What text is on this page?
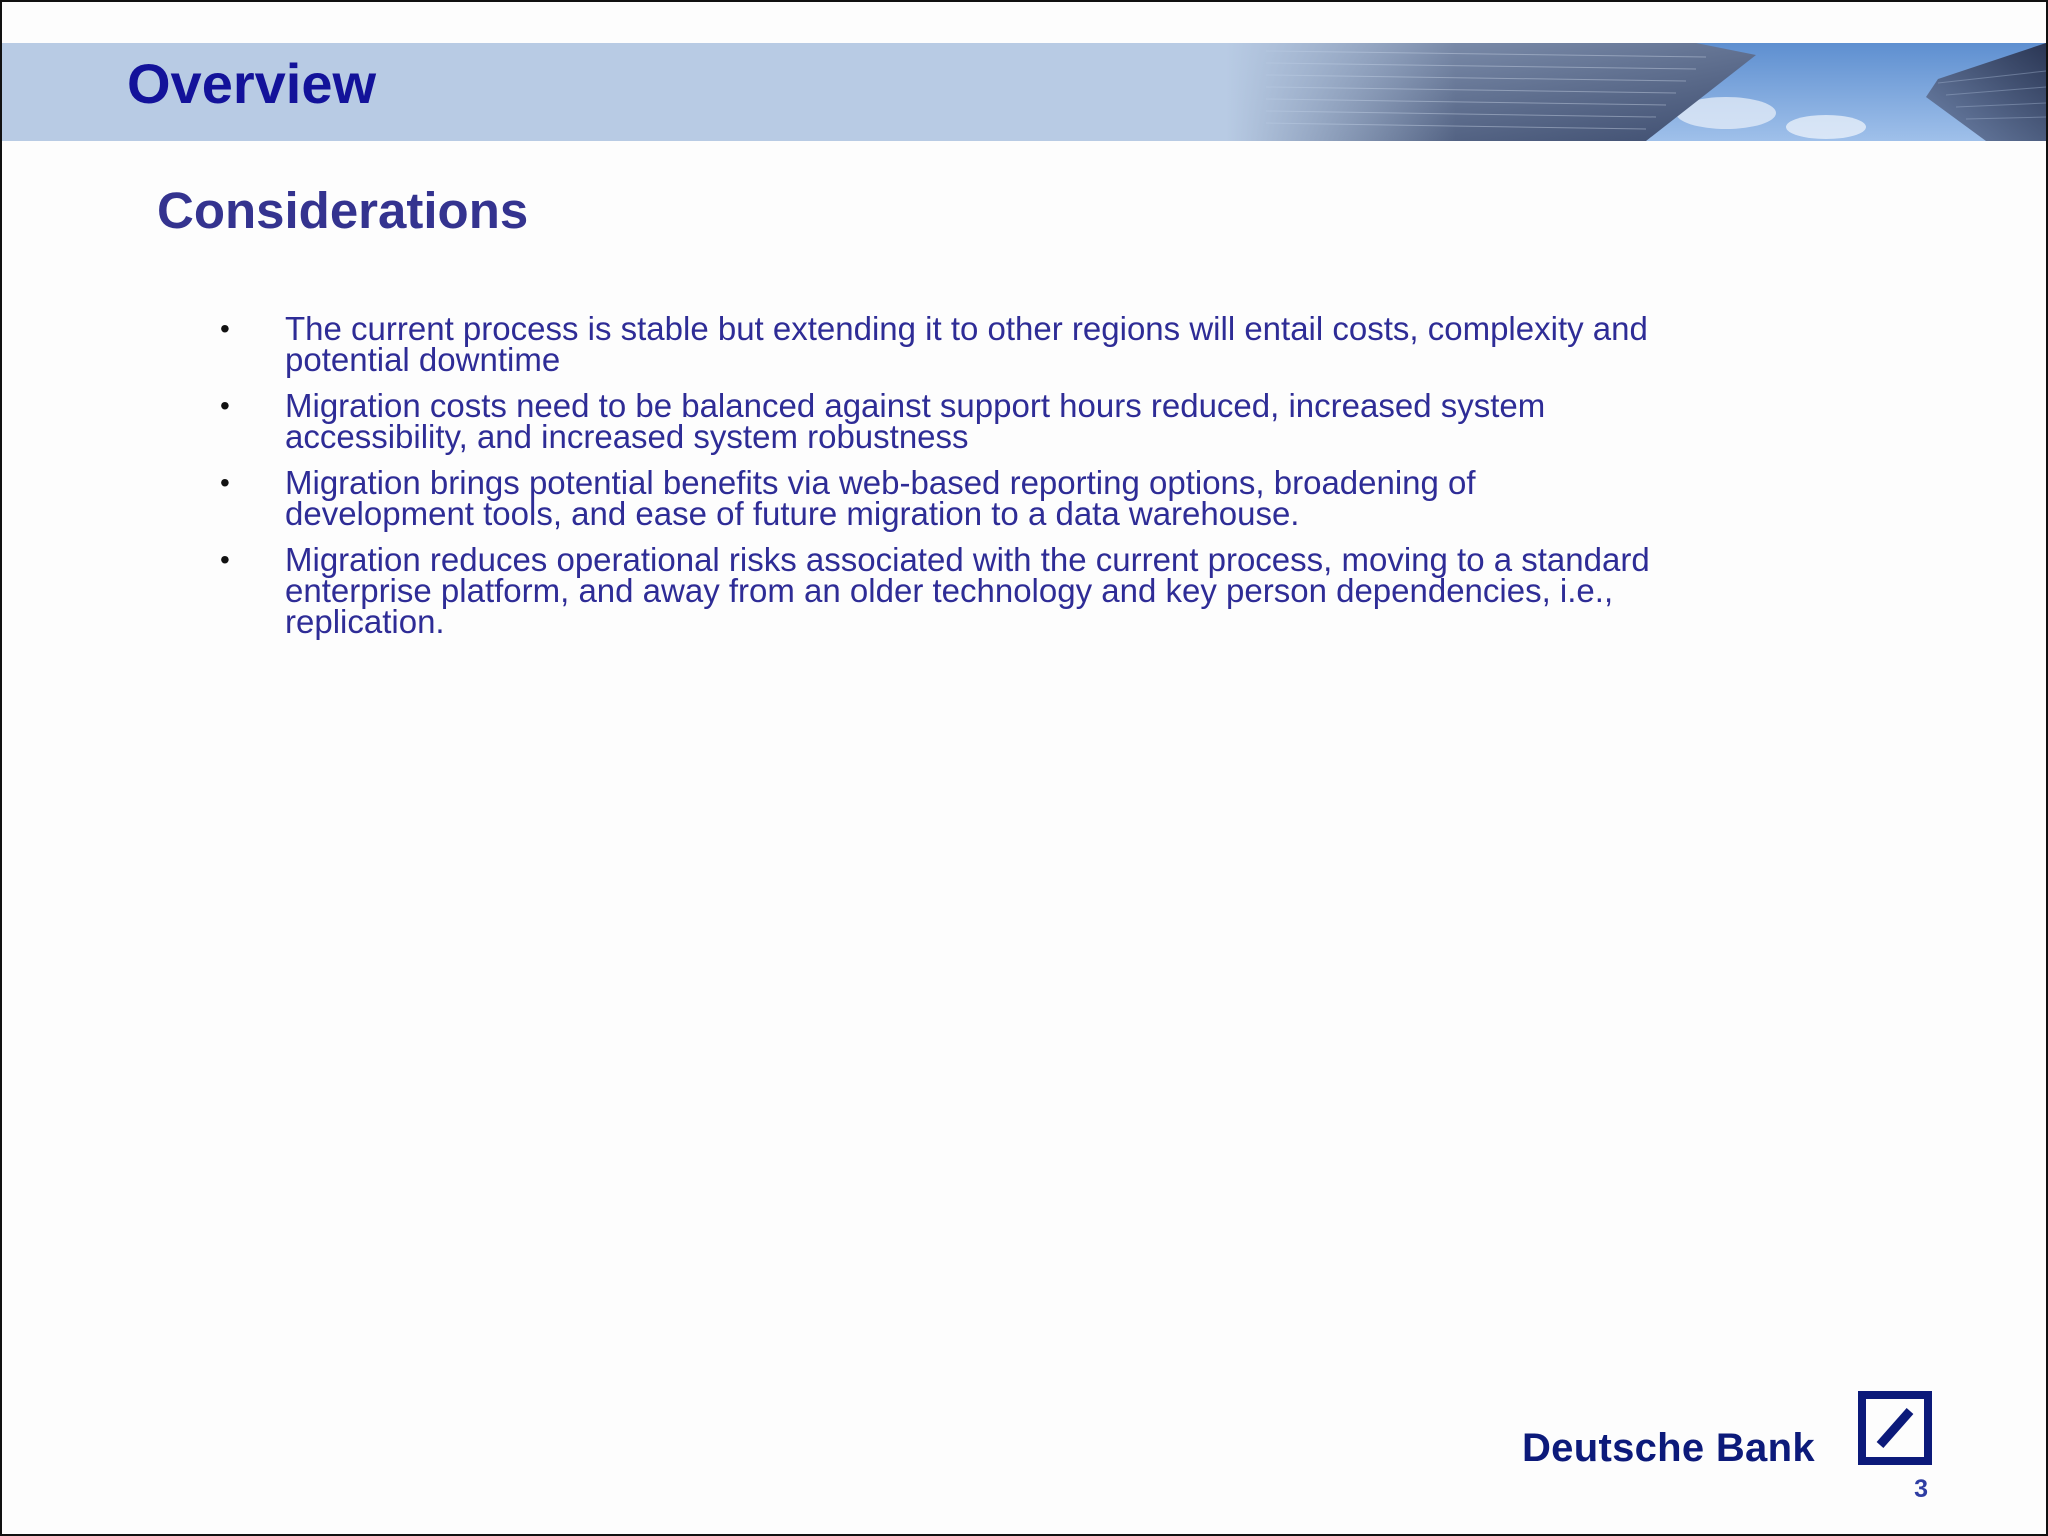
Overview
Considerations
• The current process is stable but extending it to other regions will entail costs, complexity and potential downtime
• Migration costs need to be balanced against support hours reduced, increased system accessibility, and increased system robustness
• Migration brings potential benefits via web-based reporting options, broadening of development tools, and ease of future migration to a data warehouse.
• Migration reduces operational risks associated with the current process, moving to a standard enterprise platform, and away from an older technology and key person dependencies, i.e., replication.
Deutsche Bank
3
